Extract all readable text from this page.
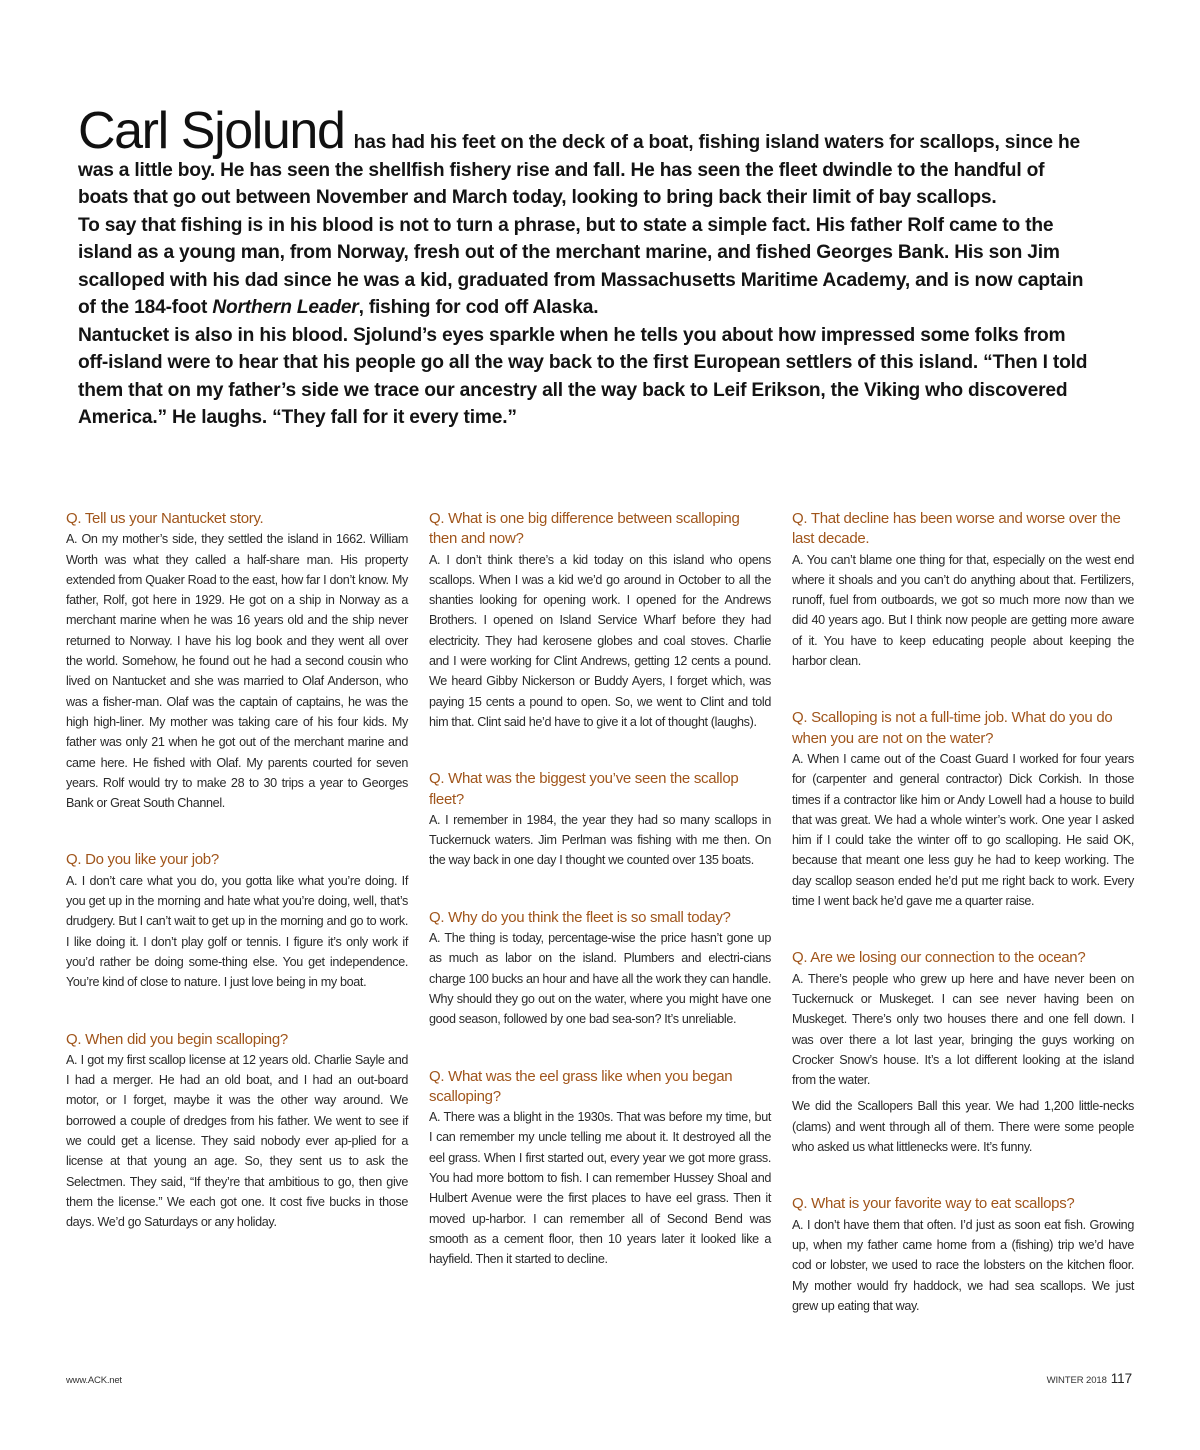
Carl Sjolund has had his feet on the deck of a boat, fishing island waters for scallops, since he was a little boy. He has seen the shellfish fishery rise and fall. He has seen the fleet dwindle to the handful of boats that go out between November and March today, looking to bring back their limit of bay scallops.

To say that fishing is in his blood is not to turn a phrase, but to state a simple fact. His father Rolf came to the island as a young man, from Norway, fresh out of the merchant marine, and fished Georges Bank. His son Jim scalloped with his dad since he was a kid, graduated from Massachusetts Maritime Academy, and is now captain of the 184-foot Northern Leader, fishing for cod off Alaska.

Nantucket is also in his blood. Sjolund’s eyes sparkle when he tells you about how impressed some folks from off-island were to hear that his people go all the way back to the first European settlers of this island. “Then I told them that on my father’s side we trace our ancestry all the way back to Leif Erikson, the Viking who discovered America.” He laughs. “They fall for it every time.”

Q. Tell us your Nantucket story.

A. On my mother’s side, they settled the island in 1662. William Worth was what they called a half-share man. His property extended from Quaker Road to the east, how far I don’t know. My father, Rolf, got here in 1929. He got on a ship in Norway as a merchant marine when he was 16 years old and the ship never returned to Norway. I have his log book and they went all over the world. Somehow, he found out he had a second cousin who lived on Nantucket and she was married to Olaf Anderson, who was a fisher-man. Olaf was the captain of captains, he was the high high-liner. My mother was taking care of his four kids. My father was only 21 when he got out of the merchant marine and came here. He fished with Olaf. My parents courted for seven years. Rolf would try to make 28 to 30 trips a year to Georges Bank or Great South Channel.

Q. Do you like your job?

A. I don’t care what you do, you gotta like what you’re doing. If you get up in the morning and hate what you’re doing, well, that’s drudgery. But I can’t wait to get up in the morning and go to work. I like doing it. I don’t play golf or tennis. I figure it’s only work if you’d rather be doing some-thing else. You get independence. You’re kind of close to nature. I just love being in my boat.

Q. When did you begin scalloping?

A. I got my first scallop license at 12 years old. Charlie Sayle and I had a merger. He had an old boat, and I had an out-board motor, or I forget, maybe it was the other way around. We borrowed a couple of dredges from his father. We went to see if we could get a license. They said nobody ever ap-plied for a license at that young an age. So, they sent us to ask the Selectmen. They said, “If they’re that ambitious to go, then give them the license.” We each got one. It cost five bucks in those days. We’d go Saturdays or any holiday.

Q. What is one big difference between scalloping then and now?

A. I don’t think there’s a kid today on this island who opens scallops. When I was a kid we’d go around in October to all the shanties looking for opening work. I opened for the Andrews Brothers. I opened on Island Service Wharf before they had electricity. They had kerosene globes and coal stoves. Charlie and I were working for Clint Andrews, getting 12 cents a pound. We heard Gibby Nickerson or Buddy Ayers, I forget which, was paying 15 cents a pound to open. So, we went to Clint and told him that. Clint said he’d have to give it a lot of thought (laughs).

Q. What was the biggest you’ve seen the scallop fleet?

A. I remember in 1984, the year they had so many scallops in Tuckernuck waters. Jim Perlman was fishing with me then. On the way back in one day I thought we counted over 135 boats.

Q. Why do you think the fleet is so small today?

A. The thing is today, percentage-wise the price hasn’t gone up as much as labor on the island. Plumbers and electri-cians charge 100 bucks an hour and have all the work they can handle. Why should they go out on the water, where you might have one good season, followed by one bad sea-son? It’s unreliable.

Q. What was the eel grass like when you began scalloping?

A. There was a blight in the 1930s. That was before my time, but I can remember my uncle telling me about it. It destroyed all the eel grass. When I first started out, every year we got more grass. You had more bottom to fish. I can remember Hussey Shoal and Hulbert Avenue were the first places to have eel grass. Then it moved up-harbor. I can remember all of Second Bend was smooth as a cement floor, then 10 years later it looked like a hayfield. Then it started to decline.

Q. That decline has been worse and worse over the last decade.

A. You can’t blame one thing for that, especially on the west end where it shoals and you can’t do anything about that. Fertilizers, runoff, fuel from outboards, we got so much more now than we did 40 years ago. But I think now people are getting more aware of it. You have to keep educating people about keeping the harbor clean.

Q. Scalloping is not a full-time job. What do you do when you are not on the water?

A. When I came out of the Coast Guard I worked for four years for (carpenter and general contractor) Dick Corkish. In those times if a contractor like him or Andy Lowell had a house to build that was great. We had a whole winter’s work. One year I asked him if I could take the winter off to go scalloping. He said OK, because that meant one less guy he had to keep working. The day scallop season ended he’d put me right back to work. Every time I went back he’d gave me a quarter raise.

Q. Are we losing our connection to the ocean?

A. There’s people who grew up here and have never been on Tuckernuck or Muskeget. I can see never having been on Muskeget. There’s only two houses there and one fell down. I was over there a lot last year, bringing the guys working on Crocker Snow’s house. It’s a lot different looking at the island from the water.

We did the Scallopers Ball this year. We had 1,200 little-necks (clams) and went through all of them. There were some people who asked us what littlenecks were. It’s funny.

Q. What is your favorite way to eat scallops?

A. I don’t have them that often. I’d just as soon eat fish. Growing up, when my father came home from a (fishing) trip we’d have cod or lobster, we used to race the lobsters on the kitchen floor. My mother would fry haddock, we had sea scallops. We just grew up eating that way.

www.ACK.net	WINTER 2018 117
